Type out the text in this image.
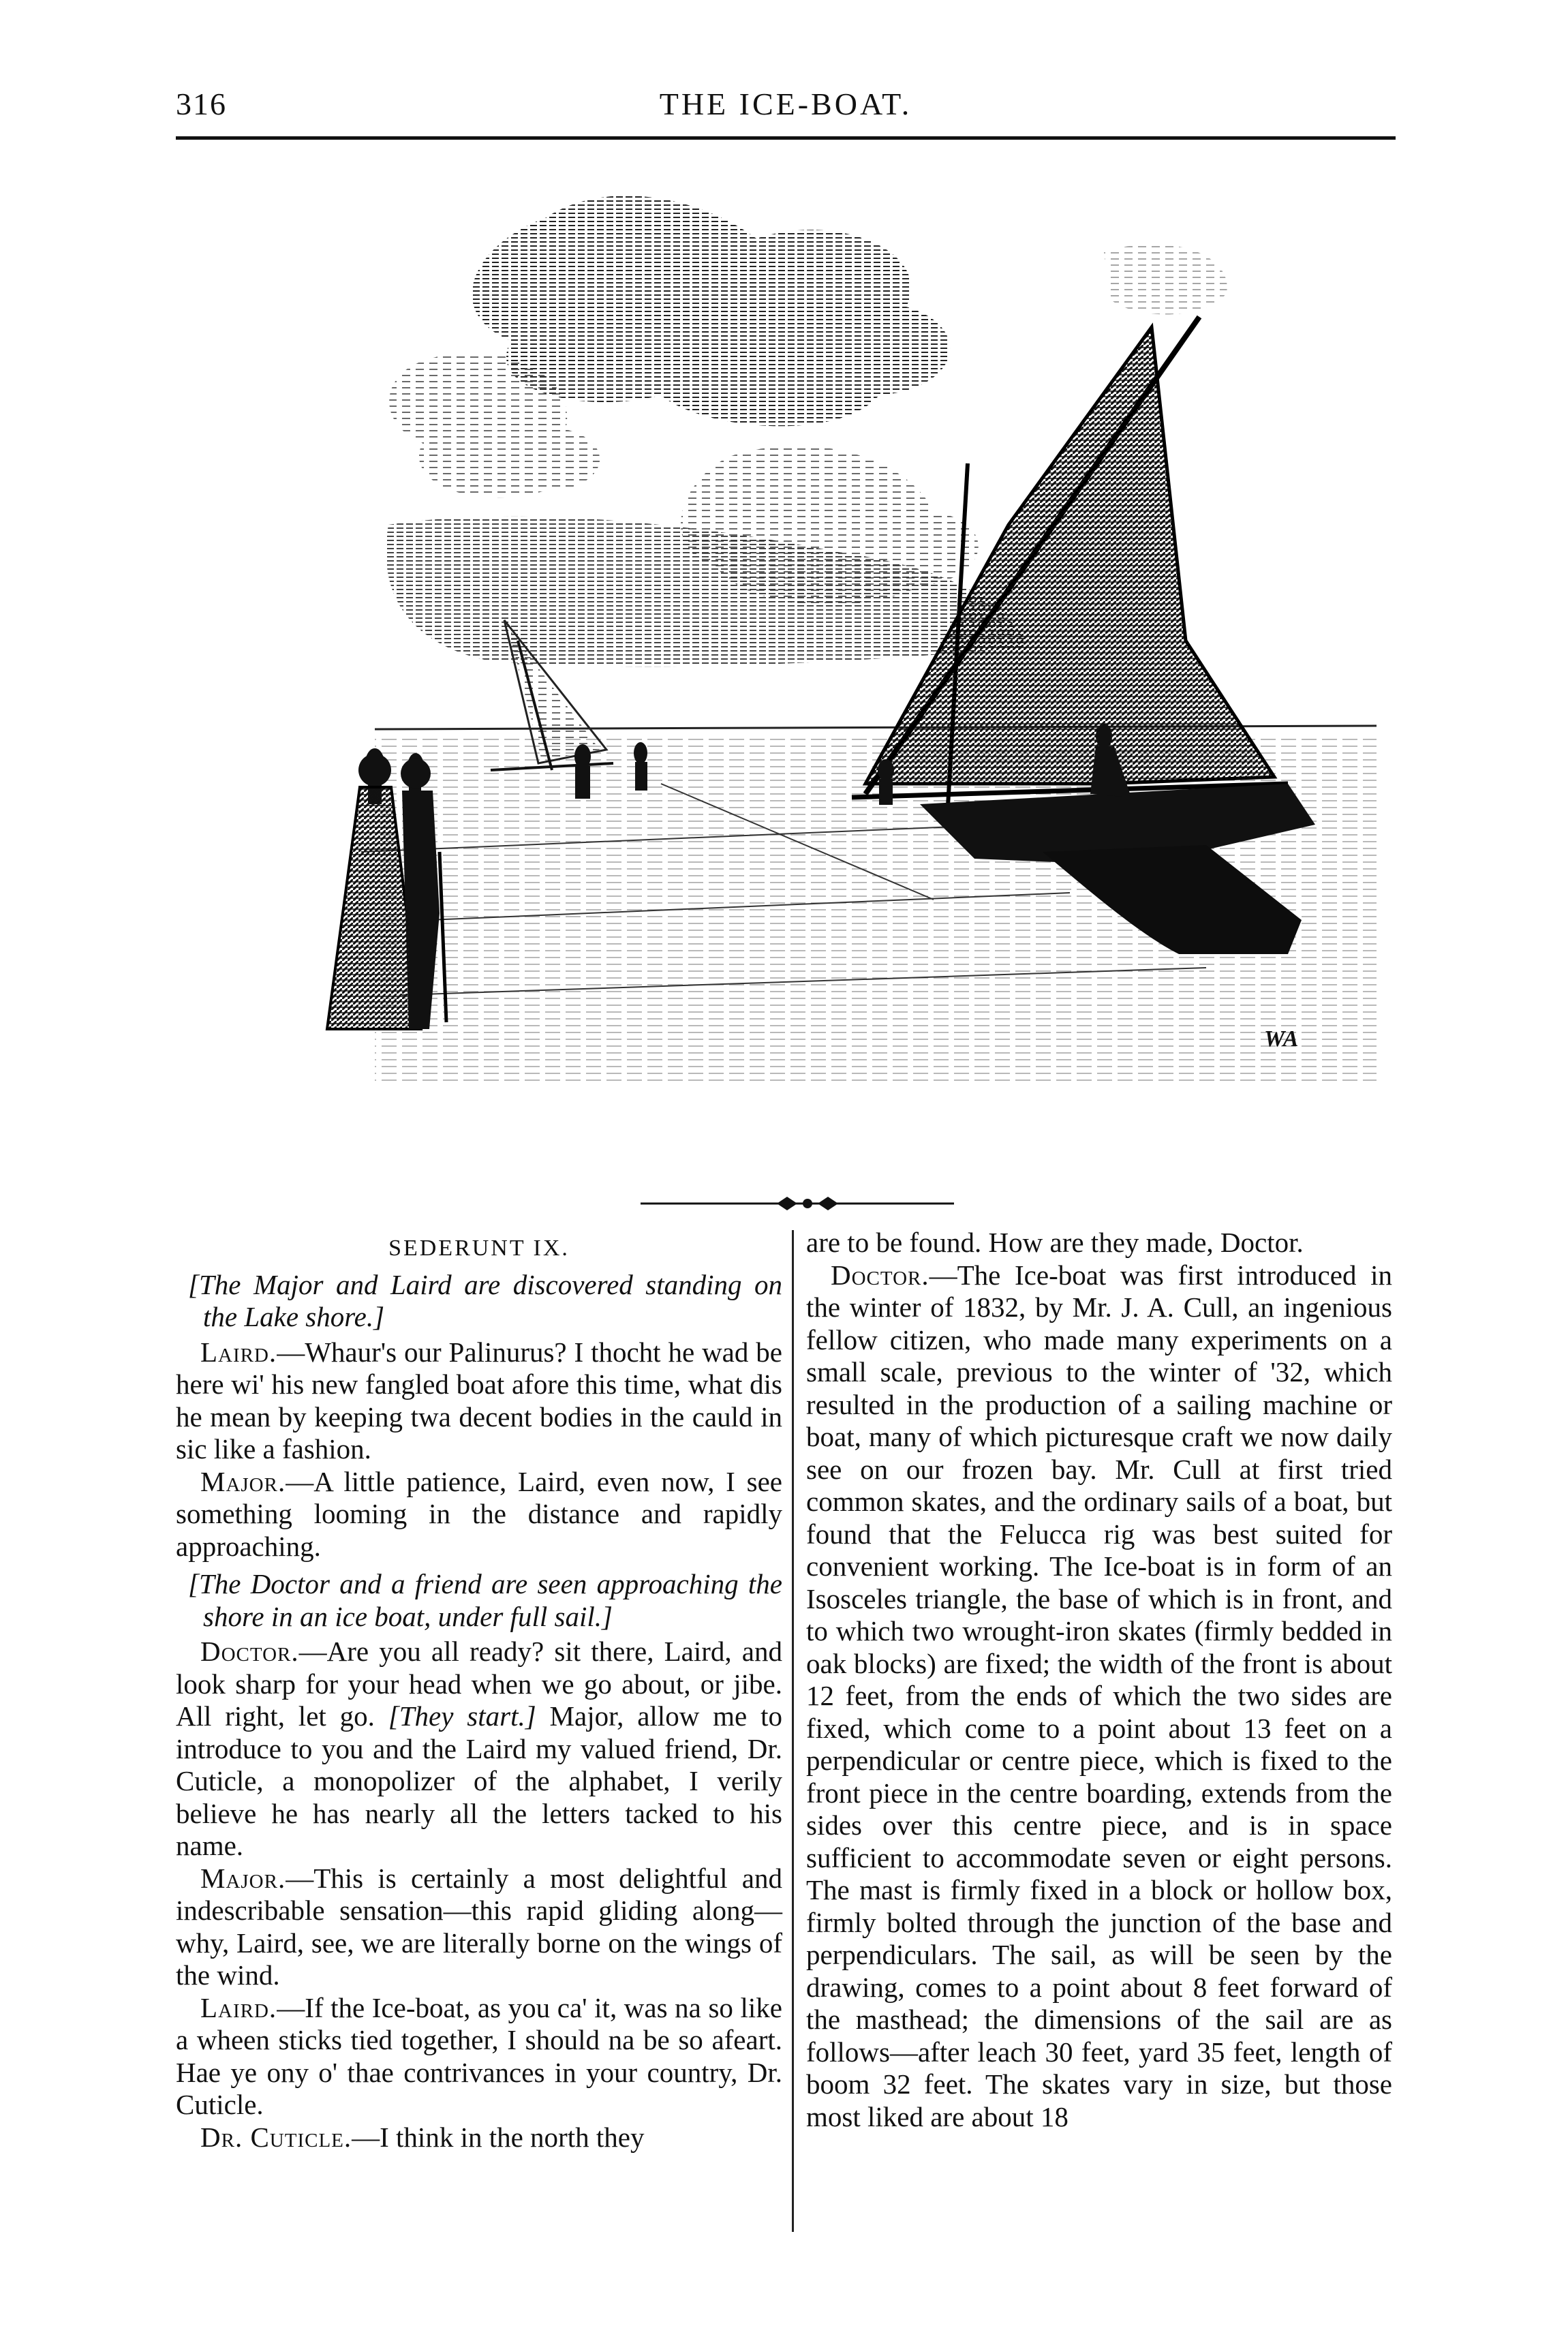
316	THE ICE-BOAT.
WA
SEDERUNT IX.
[The Major and Laird are discovered standing on the Lake shore.]

Laird.—Whaur's our Palinurus? I thocht he wad be here wi' his new fangled boat afore this time, what dis he mean by keeping twa decent bodies in the cauld in sic like a fashion.

Major.—A little patience, Laird, even now, I see something looming in the distance and rapidly approaching.

[The Doctor and a friend are seen approaching the shore in an ice boat, under full sail.]

Doctor.—Are you all ready? sit there, Laird, and look sharp for your head when we go about, or jibe. All right, let go. [They start.] Major, allow me to introduce to you and the Laird my valued friend, Dr. Cuticle, a monopolizer of the alphabet, I verily believe he has nearly all the letters tacked to his name.

Major.—This is certainly a most delightful and indescribable sensation—this rapid gliding along—why, Laird, see, we are literally borne on the wings of the wind.

Laird.—If the Ice-boat, as you ca' it, was na so like a wheen sticks tied together, I should na be so afeart. Hae ye ony o' thae contrivances in your country, Dr. Cuticle.

Dr. Cuticle.—I think in the north they

are to be found. How are they made, Doctor.

Doctor.—The Ice-boat was first introduced in the winter of 1832, by Mr. J. A. Cull, an ingenious fellow citizen, who made many experiments on a small scale, previous to the winter of '32, which resulted in the production of a sailing machine or boat, many of which picturesque craft we now daily see on our frozen bay. Mr. Cull at first tried common skates, and the ordinary sails of a boat, but found that the Felucca rig was best suited for convenient working. The Ice-boat is in form of an Isosceles triangle, the base of which is in front, and to which two wrought-iron skates (firmly bedded in oak blocks) are fixed; the width of the front is about 12 feet, from the ends of which the two sides are fixed, which come to a point about 13 feet on a perpendicular or centre piece, which is fixed to the front piece in the centre boarding, extends from the sides over this centre piece, and is in space sufficient to accommodate seven or eight persons. The mast is firmly fixed in a block or hollow box, firmly bolted through the junction of the base and perpendiculars. The sail, as will be seen by the drawing, comes to a point about 8 feet forward of the masthead; the dimensions of the sail are as follows—after leach 30 feet, yard 35 feet, length of boom 32 feet. The skates vary in size, but those most liked are about 18
